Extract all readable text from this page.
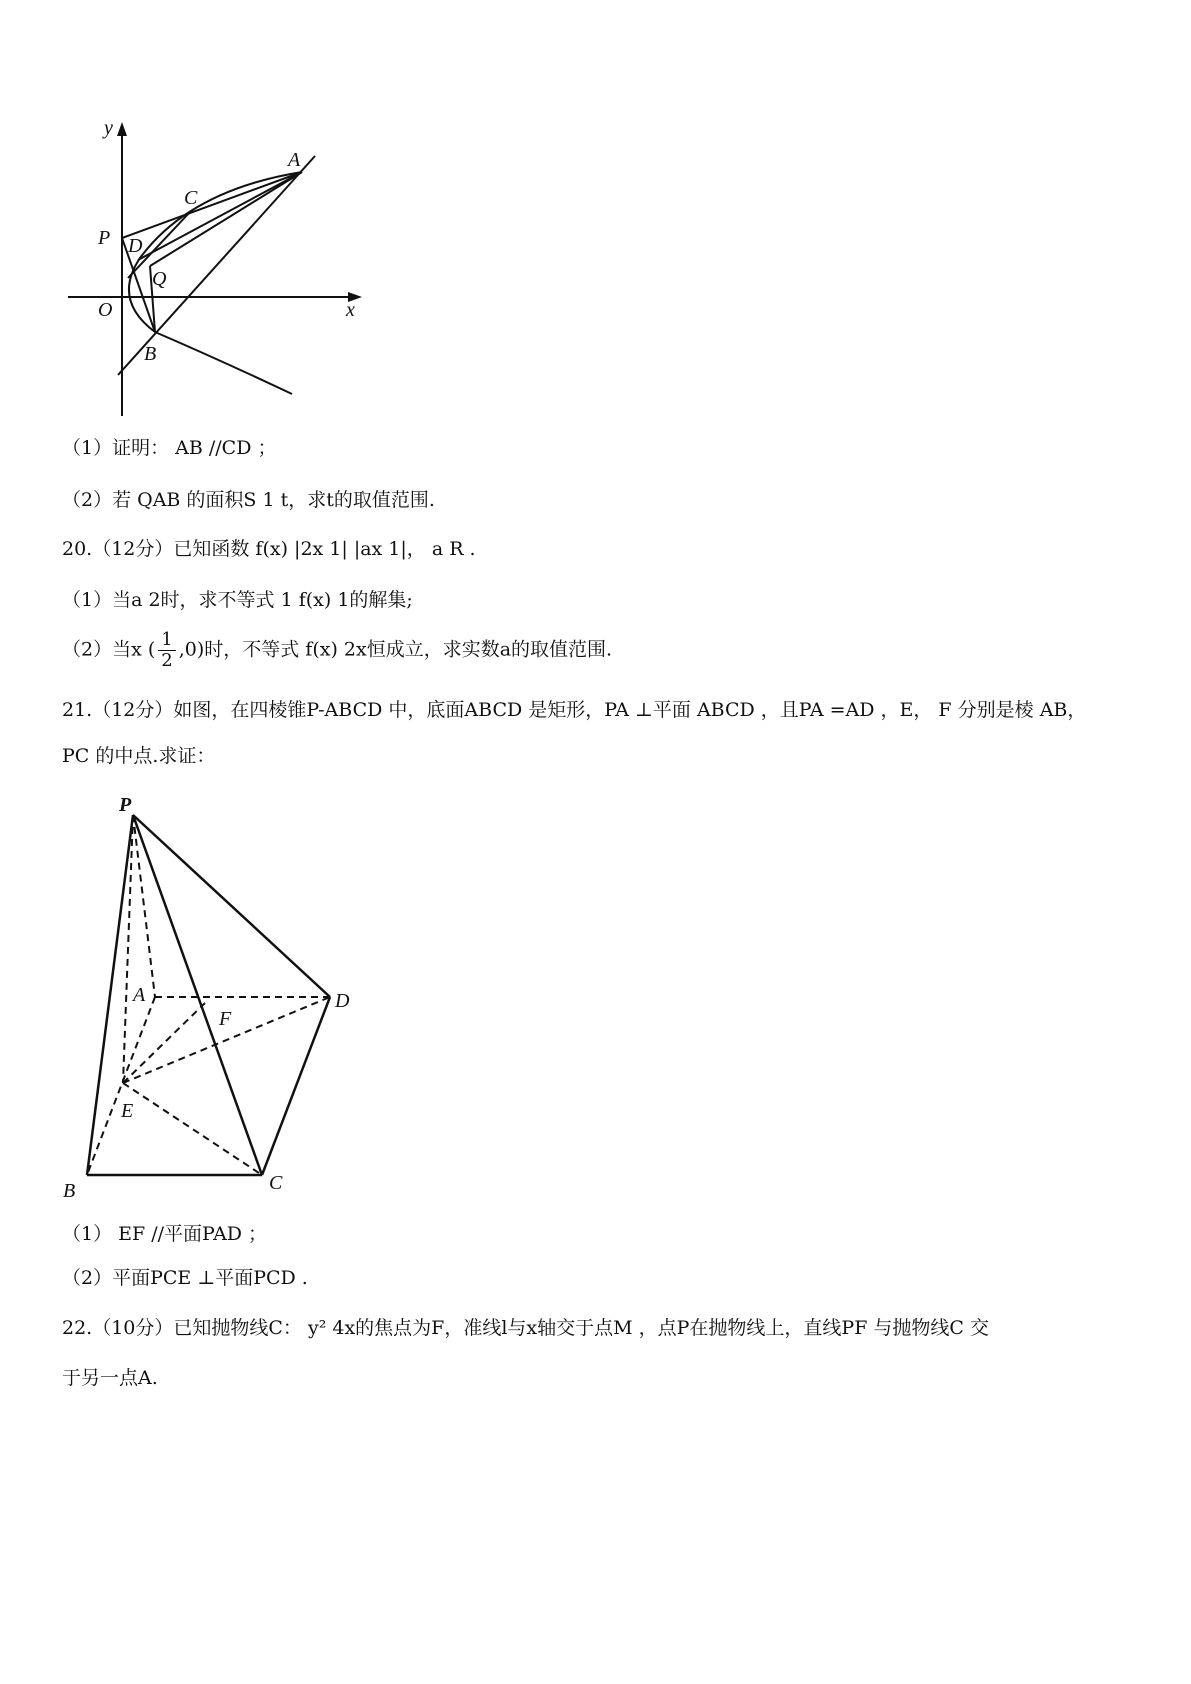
y
x
O
A
B
C
D
P
Q
（1）证明： AB //CD ；
（2）若 QAB 的面积S 1 t，求t的取值范围.
20.（12分）已知函数 f(x) |2x 1| |ax 1|， a R .
（1）当a 2时，求不等式 1 f(x) 1的解集;
（2）当x ( $\frac{1}{2} ,0$)时，不等式 f(x) 2x恒成立，求实数a的取值范围.
21.（12分）如图，在四棱锥P-ABCD 中，底面ABCD 是矩形，PA ⊥平面 ABCD ，且PA =AD ，E， F 分别是棱 AB，
PC 的中点.求证：
P
A	D
F
E
B	C
（1） EF //平面PAD ；
（2）平面PCE ⊥平面PCD .
22.（10分）已知抛物线C： y² 4x的焦点为F，准线l与x轴交于点M ，点P在抛物线上，直线PF 与抛物线C 交
于另一点A.
